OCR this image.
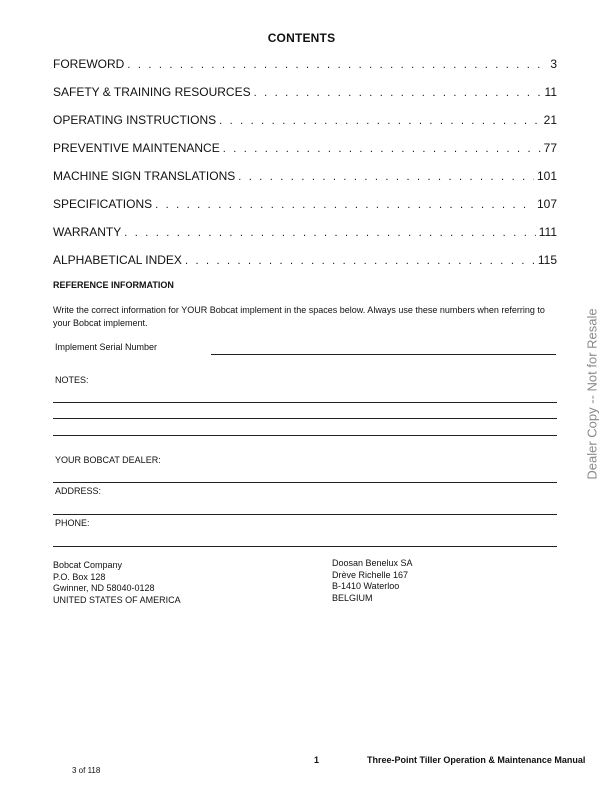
CONTENTS
FOREWORD . . .	3
SAFETY & TRAINING RESOURCES . . .	11
OPERATING INSTRUCTIONS . . .	21
PREVENTIVE MAINTENANCE . . .	77
MACHINE SIGN TRANSLATIONS . . .	101
SPECIFICATIONS . . .	107
WARRANTY . . .	111
ALPHABETICAL INDEX . . .	115
REFERENCE INFORMATION
Write the correct information for YOUR Bobcat implement in the spaces below. Always use these numbers when referring to your Bobcat implement.
Implement Serial Number
NOTES:
YOUR BOBCAT DEALER:
ADDRESS:
PHONE:
Bobcat Company
P.O. Box 128
Gwinner, ND 58040-0128
UNITED STATES OF AMERICA
Doosan Benelux SA
Drève Richelle 167
B-1410 Waterloo
BELGIUM
Dealer Copy -- Not for Resale
1	Three-Point Tiller Operation & Maintenance Manual
3 of 118
